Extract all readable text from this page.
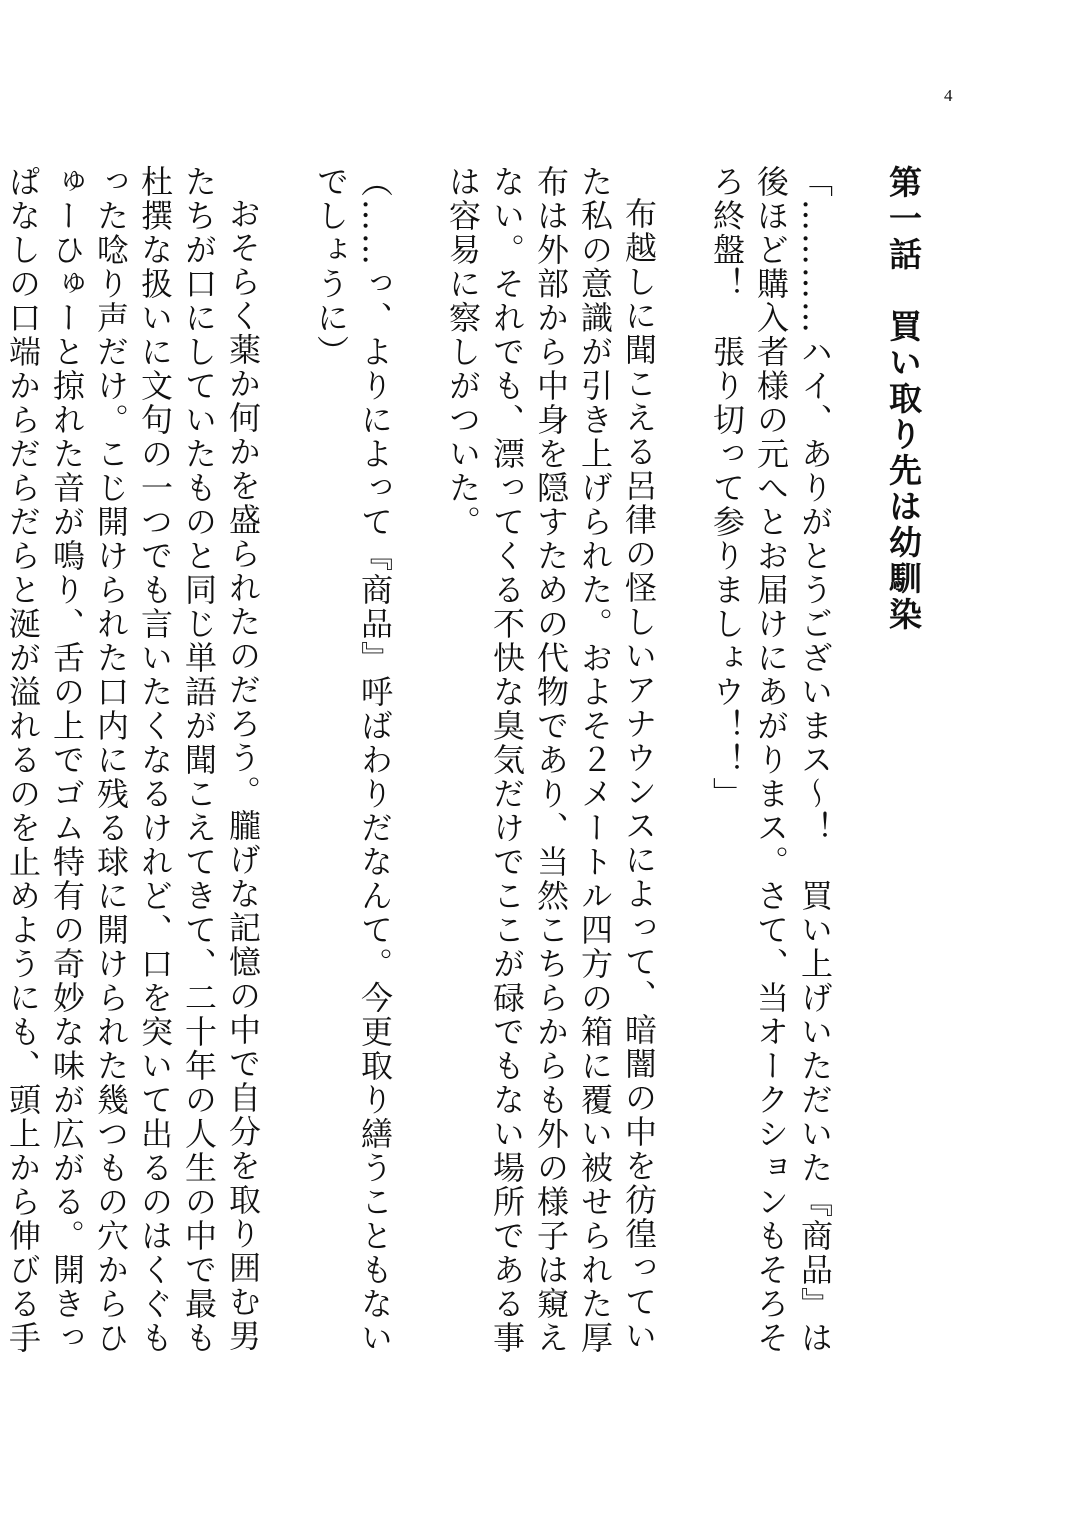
4
第一話　買い取り先は幼馴染

「…………ハイ、ありがとうございまス～！　買い上げいただいた『商品』は後ほど購入者様の元へとお届けにあがりまス。さて、当オークションもそろそろ終盤！　張り切って参りましょウ！！」

布越しに聞こえる呂律の怪しいアナウンスによって、暗闇の中を彷徨っていた私の意識が引き上げられた。およそ２メートル四方の箱に覆い被せられた厚布は外部から中身を隠すための代物であり、当然こちらからも外の様子は窺えない。それでも、漂ってくる不快な臭気だけでここが碌でもない場所である事は容易に察しがついた。

（……っ、よりによって『商品』呼ばわりだなんて。今更取り繕うこともないでしょうに）

おそらく薬か何かを盛られたのだろう。朧げな記憶の中で自分を取り囲む男たちが口にしていたものと同じ単語が聞こえてきて、二十年の人生の中で最も杜撰な扱いに文句の一つでも言いたくなるけれど、口を突いて出るのはくぐもった唸り声だけ。こじ開けられた口内に残る球に開けられた幾つもの穴からひゅーひゅーと掠れた音が鳴り、舌の上でゴム特有の奇妙な味が広がる。開きっぱなしの口端からだらだらと涎が溢れるのを止めようにも、頭上から伸びる手
